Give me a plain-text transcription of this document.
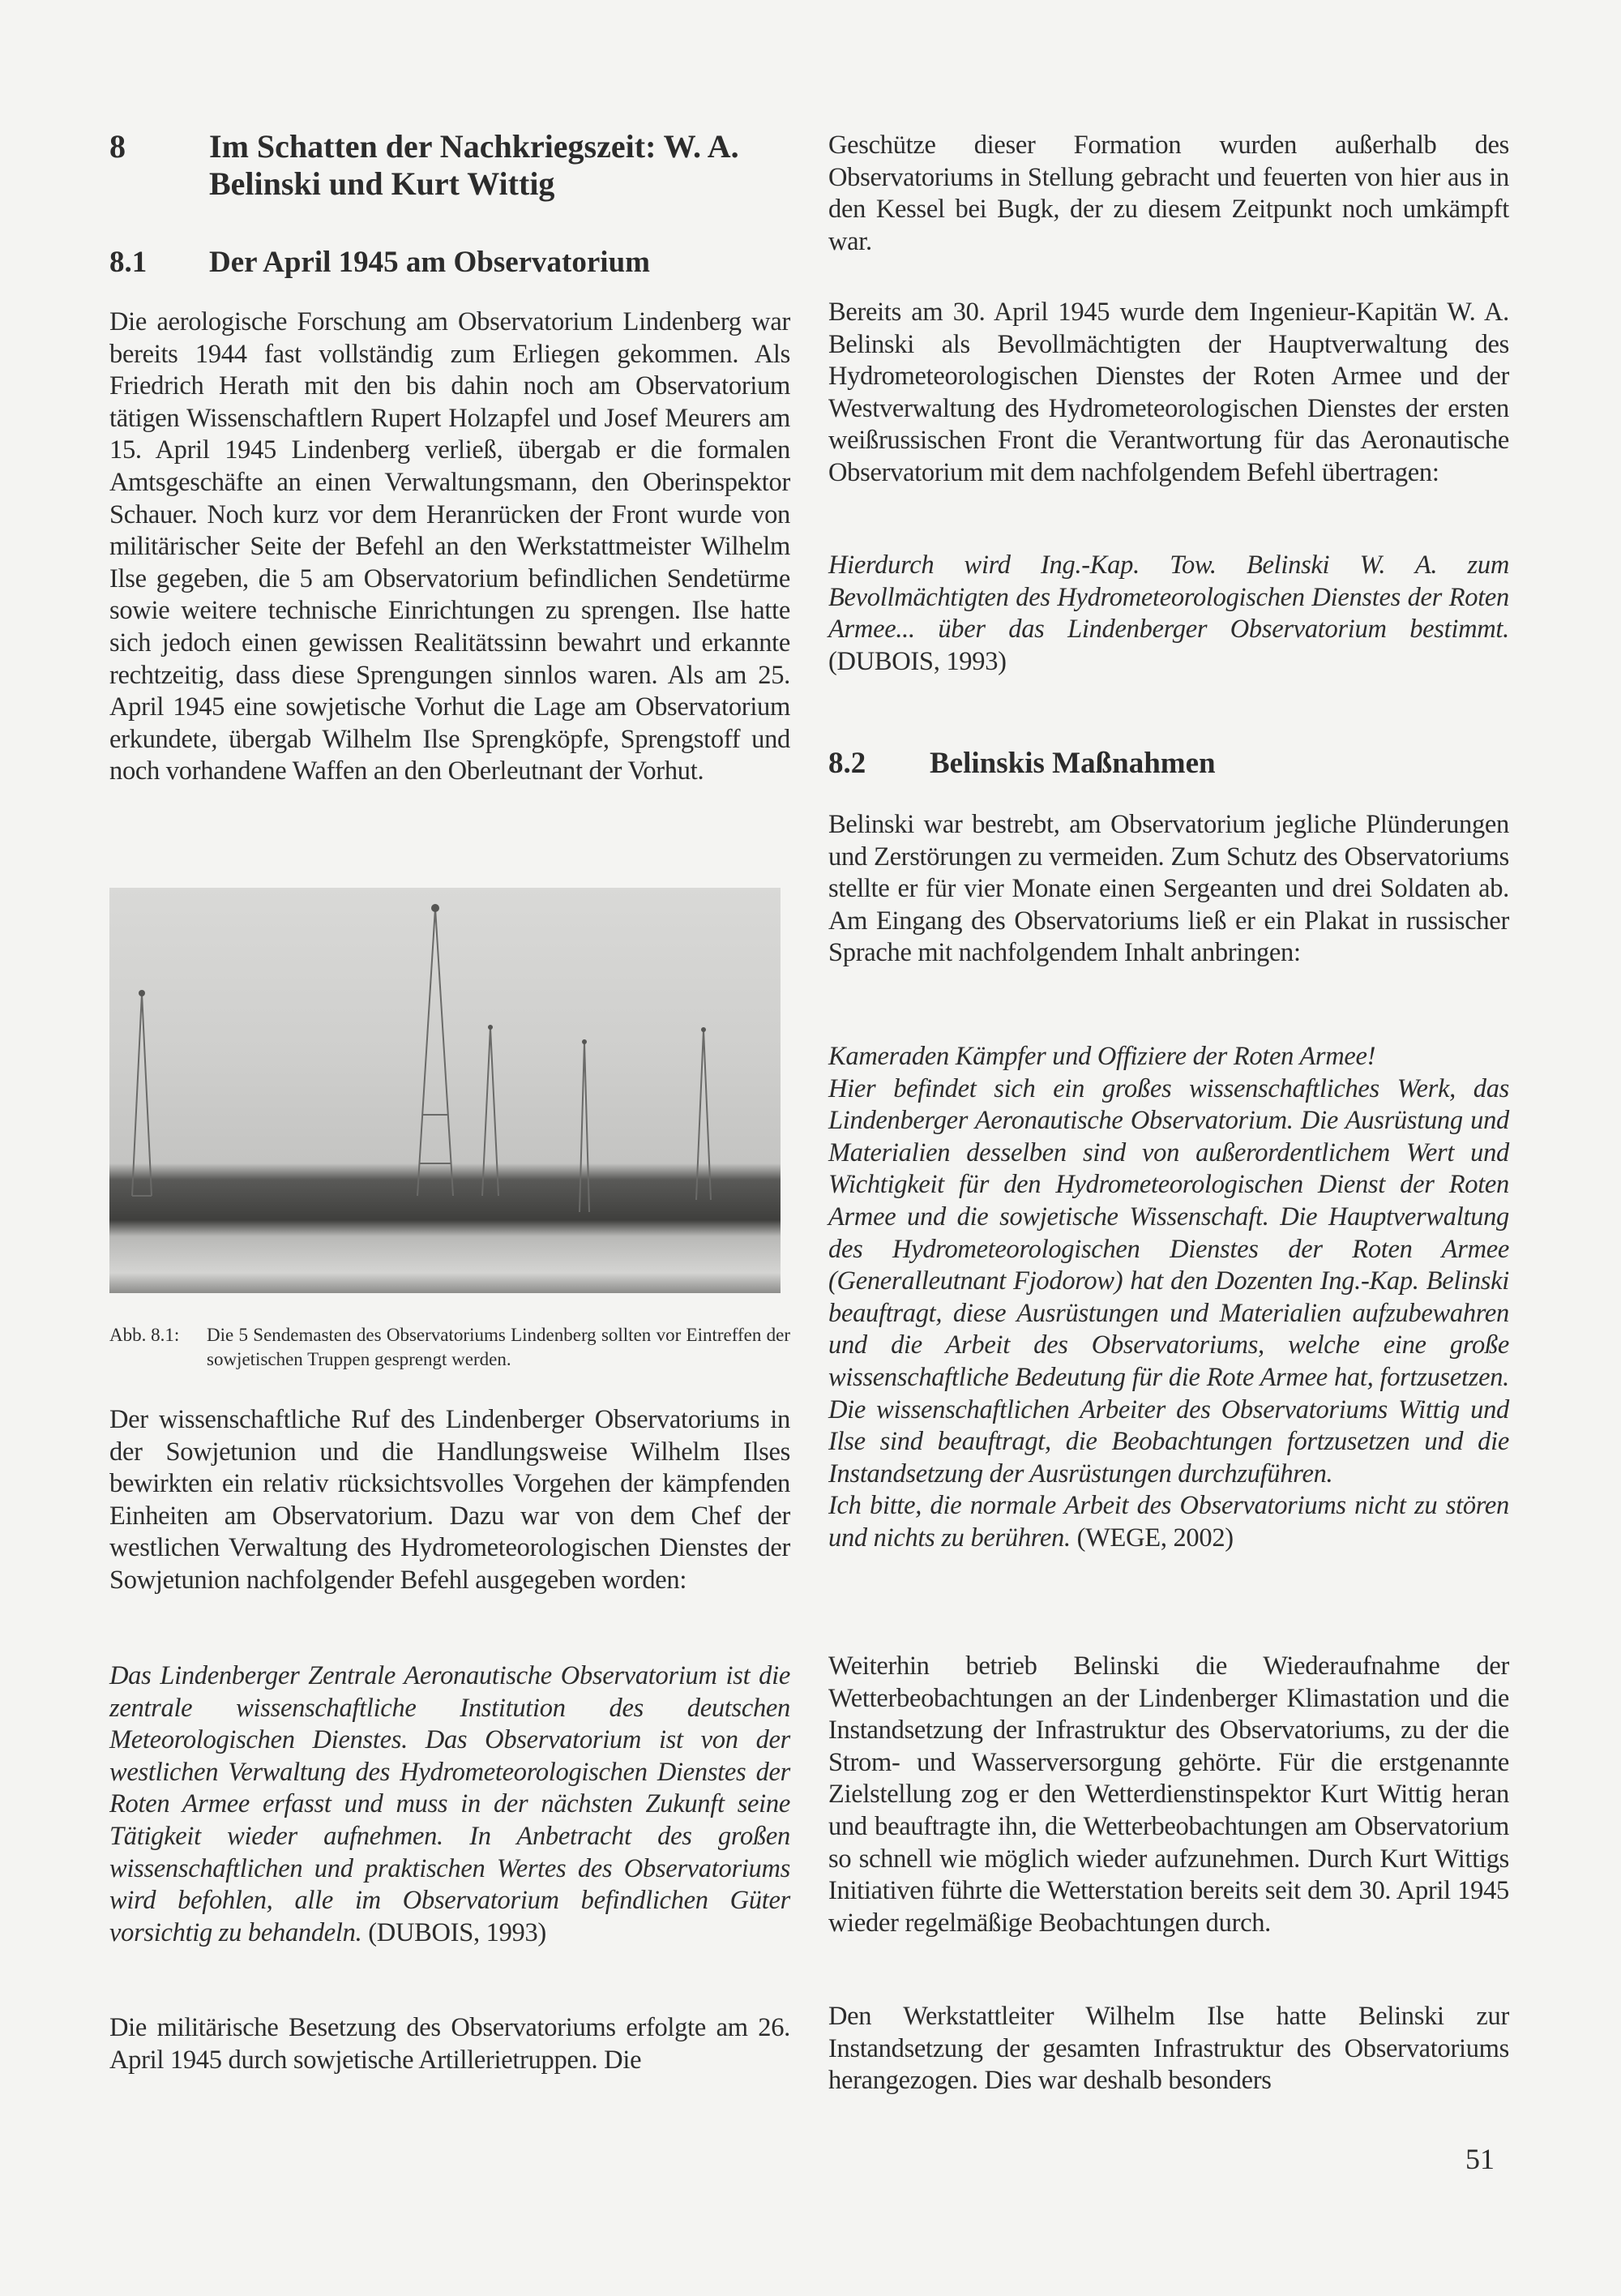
8	Im Schatten der Nachkriegszeit: W. A. Belinski und Kurt Wittig
8.1 Der April 1945 am Observatorium

Die aerologische Forschung am Observatorium Lindenberg war bereits 1944 fast vollständig zum Erliegen gekommen. Als Friedrich Herath mit den bis dahin noch am Observatorium tätigen Wissenschaftlern Rupert Holzapfel und Josef Meurers am 15. April 1945 Lindenberg verließ, übergab er die formalen Amtsgeschäfte an einen Verwaltungsmann, den Oberinspektor Schauer. Noch kurz vor dem Heranrücken der Front wurde von militärischer Seite der Befehl an den Werkstattmeister Wilhelm Ilse gegeben, die 5 am Observatorium befindlichen Sendetürme sowie weitere technische Einrichtungen zu sprengen. Ilse hatte sich jedoch einen gewissen Realitätssinn bewahrt und erkannte rechtzeitig, dass diese Sprengungen sinnlos waren. Als am 25. April 1945 eine sowjetische Vorhut die Lage am Observatorium erkundete, übergab Wilhelm Ilse Sprengköpfe, Sprengstoff und noch vorhandene Waffen an den Oberleutnant der Vorhut.

Abb. 8.1: Die 5 Sendemasten des Observatoriums Lindenberg sollten vor Eintreffen der sowjetischen Truppen gesprengt werden.

Der wissenschaftliche Ruf des Lindenberger Observatoriums in der Sowjetunion und die Handlungsweise Wilhelm Ilses bewirkten ein relativ rücksichtsvolles Vorgehen der kämpfenden Einheiten am Observatorium. Dazu war von dem Chef der westlichen Verwaltung des Hydrometeorologischen Dienstes der Sowjetunion nachfolgender Befehl ausgegeben worden:

Das Lindenberger Zentrale Aeronautische Observatorium ist die zentrale wissenschaftliche Institution des deutschen Meteorologischen Dienstes. Das Observatorium ist von der westlichen Verwaltung des Hydrometeorologischen Dienstes der Roten Armee erfasst und muss in der nächsten Zukunft seine Tätigkeit wieder aufnehmen. In Anbetracht des großen wissenschaftlichen und praktischen Wertes des Observatoriums wird befohlen, alle im Observatorium befindlichen Güter vorsichtig zu behandeln. (DUBOIS, 1993)

Die militärische Besetzung des Observatoriums erfolgte am 26. April 1945 durch sowjetische Artillerietruppen. Die

Geschütze dieser Formation wurden außerhalb des Observatoriums in Stellung gebracht und feuerten von hier aus in den Kessel bei Bugk, der zu diesem Zeitpunkt noch umkämpft war.

Bereits am 30. April 1945 wurde dem Ingenieur-Kapitän W. A. Belinski als Bevollmächtigten der Hauptverwaltung des Hydrometeorologischen Dienstes der Roten Armee und der Westverwaltung des Hydrometeorologischen Dienstes der ersten weißrussischen Front die Verantwortung für das Aeronautische Observatorium mit dem nachfolgendem Befehl übertragen:

Hierdurch wird Ing.-Kap. Tow. Belinski W. A. zum Bevollmächtigten des Hydrometeorologischen Dienstes der Roten Armee... über das Lindenberger Observatorium bestimmt. (DUBOIS, 1993)

8.2 Belinskis Maßnahmen

Belinski war bestrebt, am Observatorium jegliche Plünderungen und Zerstörungen zu vermeiden. Zum Schutz des Observatoriums stellte er für vier Monate einen Sergeanten und drei Soldaten ab. Am Eingang des Observatoriums ließ er ein Plakat in russischer Sprache mit nachfolgendem Inhalt anbringen:

Kameraden Kämpfer und Offiziere der Roten Armee!
Hier befindet sich ein großes wissenschaftliches Werk, das Lindenberger Aeronautische Observatorium. Die Ausrüstung und Materialien desselben sind von außerordentlichem Wert und Wichtigkeit für den Hydrometeorologischen Dienst der Roten Armee und die sowjetische Wissenschaft. Die Hauptverwaltung des Hydrometeorologischen Dienstes der Roten Armee (Generalleutnant Fjodorow) hat den Dozenten Ing.-Kap. Belinski beauftragt, diese Ausrüstungen und Materialien aufzubewahren und die Arbeit des Observatoriums, welche eine große wissenschaftliche Bedeutung für die Rote Armee hat, fortzusetzen. Die wissenschaftlichen Arbeiter des Observatoriums Wittig und Ilse sind beauftragt, die Beobachtungen fortzusetzen und die Instandsetzung der Ausrüstungen durchzuführen.
Ich bitte, die normale Arbeit des Observatoriums nicht zu stören und nichts zu berühren. (WEGE, 2002)

Weiterhin betrieb Belinski die Wiederaufnahme der Wetterbeobachtungen an der Lindenberger Klimastation und die Instandsetzung der Infrastruktur des Observatoriums, zu der die Strom- und Wasserversorgung gehörte. Für die erstgenannte Zielstellung zog er den Wetterdienstinspektor Kurt Wittig heran und beauftragte ihn, die Wetterbeobachtungen am Observatorium so schnell wie möglich wieder aufzunehmen. Durch Kurt Wittigs Initiativen führte die Wetterstation bereits seit dem 30. April 1945 wieder regelmäßige Beobachtungen durch.

Den Werkstattleiter Wilhelm Ilse hatte Belinski zur Instandsetzung der gesamten Infrastruktur des Observatoriums herangezogen. Dies war deshalb besonders

51
